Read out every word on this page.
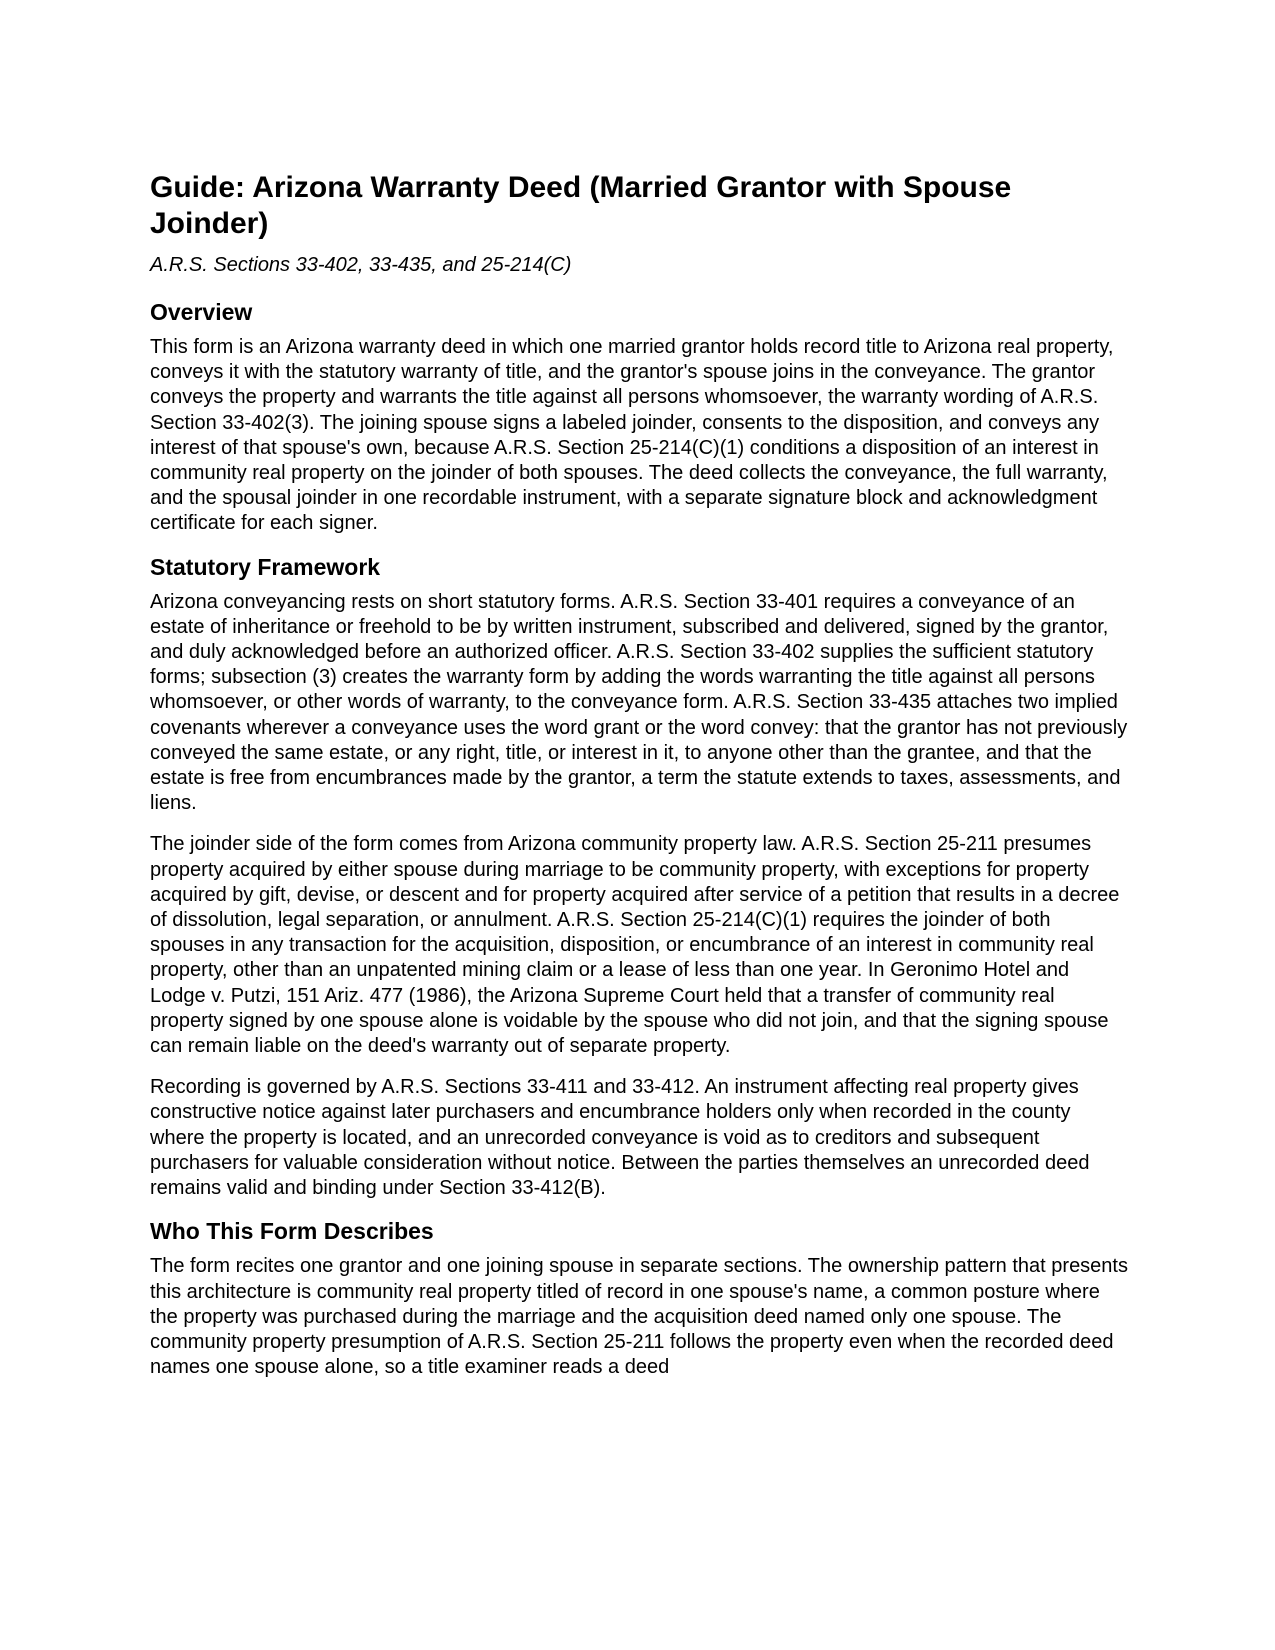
Guide: Arizona Warranty Deed (Married Grantor with Spouse Joinder)
A.R.S. Sections 33-402, 33-435, and 25-214(C)
Overview

This form is an Arizona warranty deed in which one married grantor holds record title to Arizona real property, conveys it with the statutory warranty of title, and the grantor's spouse joins in the conveyance. The grantor conveys the property and warrants the title against all persons whomsoever, the warranty wording of A.R.S. Section 33-402(3). The joining spouse signs a labeled joinder, consents to the disposition, and conveys any interest of that spouse's own, because A.R.S. Section 25-214(C)(1) conditions a disposition of an interest in community real property on the joinder of both spouses. The deed collects the conveyance, the full warranty, and the spousal joinder in one recordable instrument, with a separate signature block and acknowledgment certificate for each signer.

Statutory Framework

Arizona conveyancing rests on short statutory forms. A.R.S. Section 33-401 requires a conveyance of an estate of inheritance or freehold to be by written instrument, subscribed and delivered, signed by the grantor, and duly acknowledged before an authorized officer. A.R.S. Section 33-402 supplies the sufficient statutory forms; subsection (3) creates the warranty form by adding the words warranting the title against all persons whomsoever, or other words of warranty, to the conveyance form. A.R.S. Section 33-435 attaches two implied covenants wherever a conveyance uses the word grant or the word convey: that the grantor has not previously conveyed the same estate, or any right, title, or interest in it, to anyone other than the grantee, and that the estate is free from encumbrances made by the grantor, a term the statute extends to taxes, assessments, and liens.

The joinder side of the form comes from Arizona community property law. A.R.S. Section 25-211 presumes property acquired by either spouse during marriage to be community property, with exceptions for property acquired by gift, devise, or descent and for property acquired after service of a petition that results in a decree of dissolution, legal separation, or annulment. A.R.S. Section 25-214(C)(1) requires the joinder of both spouses in any transaction for the acquisition, disposition, or encumbrance of an interest in community real property, other than an unpatented mining claim or a lease of less than one year. In Geronimo Hotel and Lodge v. Putzi, 151 Ariz. 477 (1986), the Arizona Supreme Court held that a transfer of community real property signed by one spouse alone is voidable by the spouse who did not join, and that the signing spouse can remain liable on the deed's warranty out of separate property.

Recording is governed by A.R.S. Sections 33-411 and 33-412. An instrument affecting real property gives constructive notice against later purchasers and encumbrance holders only when recorded in the county where the property is located, and an unrecorded conveyance is void as to creditors and subsequent purchasers for valuable consideration without notice. Between the parties themselves an unrecorded deed remains valid and binding under Section 33-412(B).

Who This Form Describes

The form recites one grantor and one joining spouse in separate sections. The ownership pattern that presents this architecture is community real property titled of record in one spouse's name, a common posture where the property was purchased during the marriage and the acquisition deed named only one spouse. The community property presumption of A.R.S. Section 25-211 follows the property even when the recorded deed names one spouse alone, so a title examiner reads a deed
